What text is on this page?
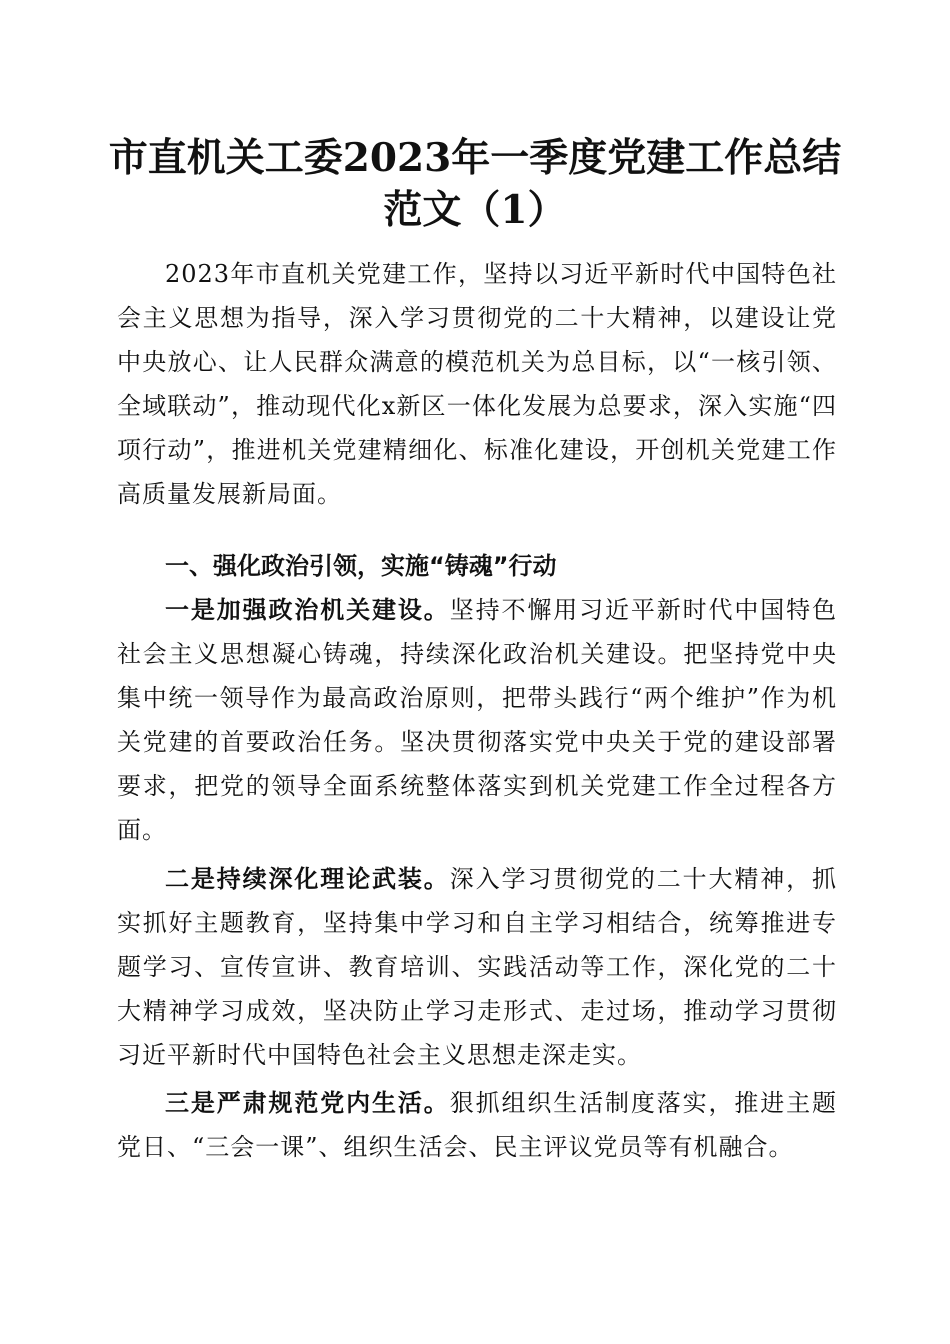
市直机关工委2023年一季度党建工作总结范文（1）
2023年市直机关党建工作，坚持以习近平新时代中国特色社会主义思想为指导，深入学习贯彻党的二十大精神，以建设让党中央放心、让人民群众满意的模范机关为总目标，以“一核引领、全域联动”，推动现代化x新区一体化发展为总要求，深入实施“四项行动”，推进机关党建精细化、标准化建设，开创机关党建工作高质量发展新局面。
一、强化政治引领，实施“铸魂”行动
一是加强政治机关建设。坚持不懈用习近平新时代中国特色社会主义思想凝心铸魂，持续深化政治机关建设。把坚持党中央集中统一领导作为最高政治原则，把带头践行“两个维护”作为机关党建的首要政治任务。坚决贯彻落实党中央关于党的建设部署要求，把党的领导全面系统整体落实到机关党建工作全过程各方面。
二是持续深化理论武装。深入学习贯彻党的二十大精神，抓实抓好主题教育，坚持集中学习和自主学习相结合，统筹推进专题学习、宣传宣讲、教育培训、实践活动等工作，深化党的二十大精神学习成效，坚决防止学习走形式、走过场，推动学习贯彻习近平新时代中国特色社会主义思想走深走实。
三是严肃规范党内生活。狠抓组织生活制度落实，推进主题党日、“三会一课”、组织生活会、民主评议党员等有机融合。
